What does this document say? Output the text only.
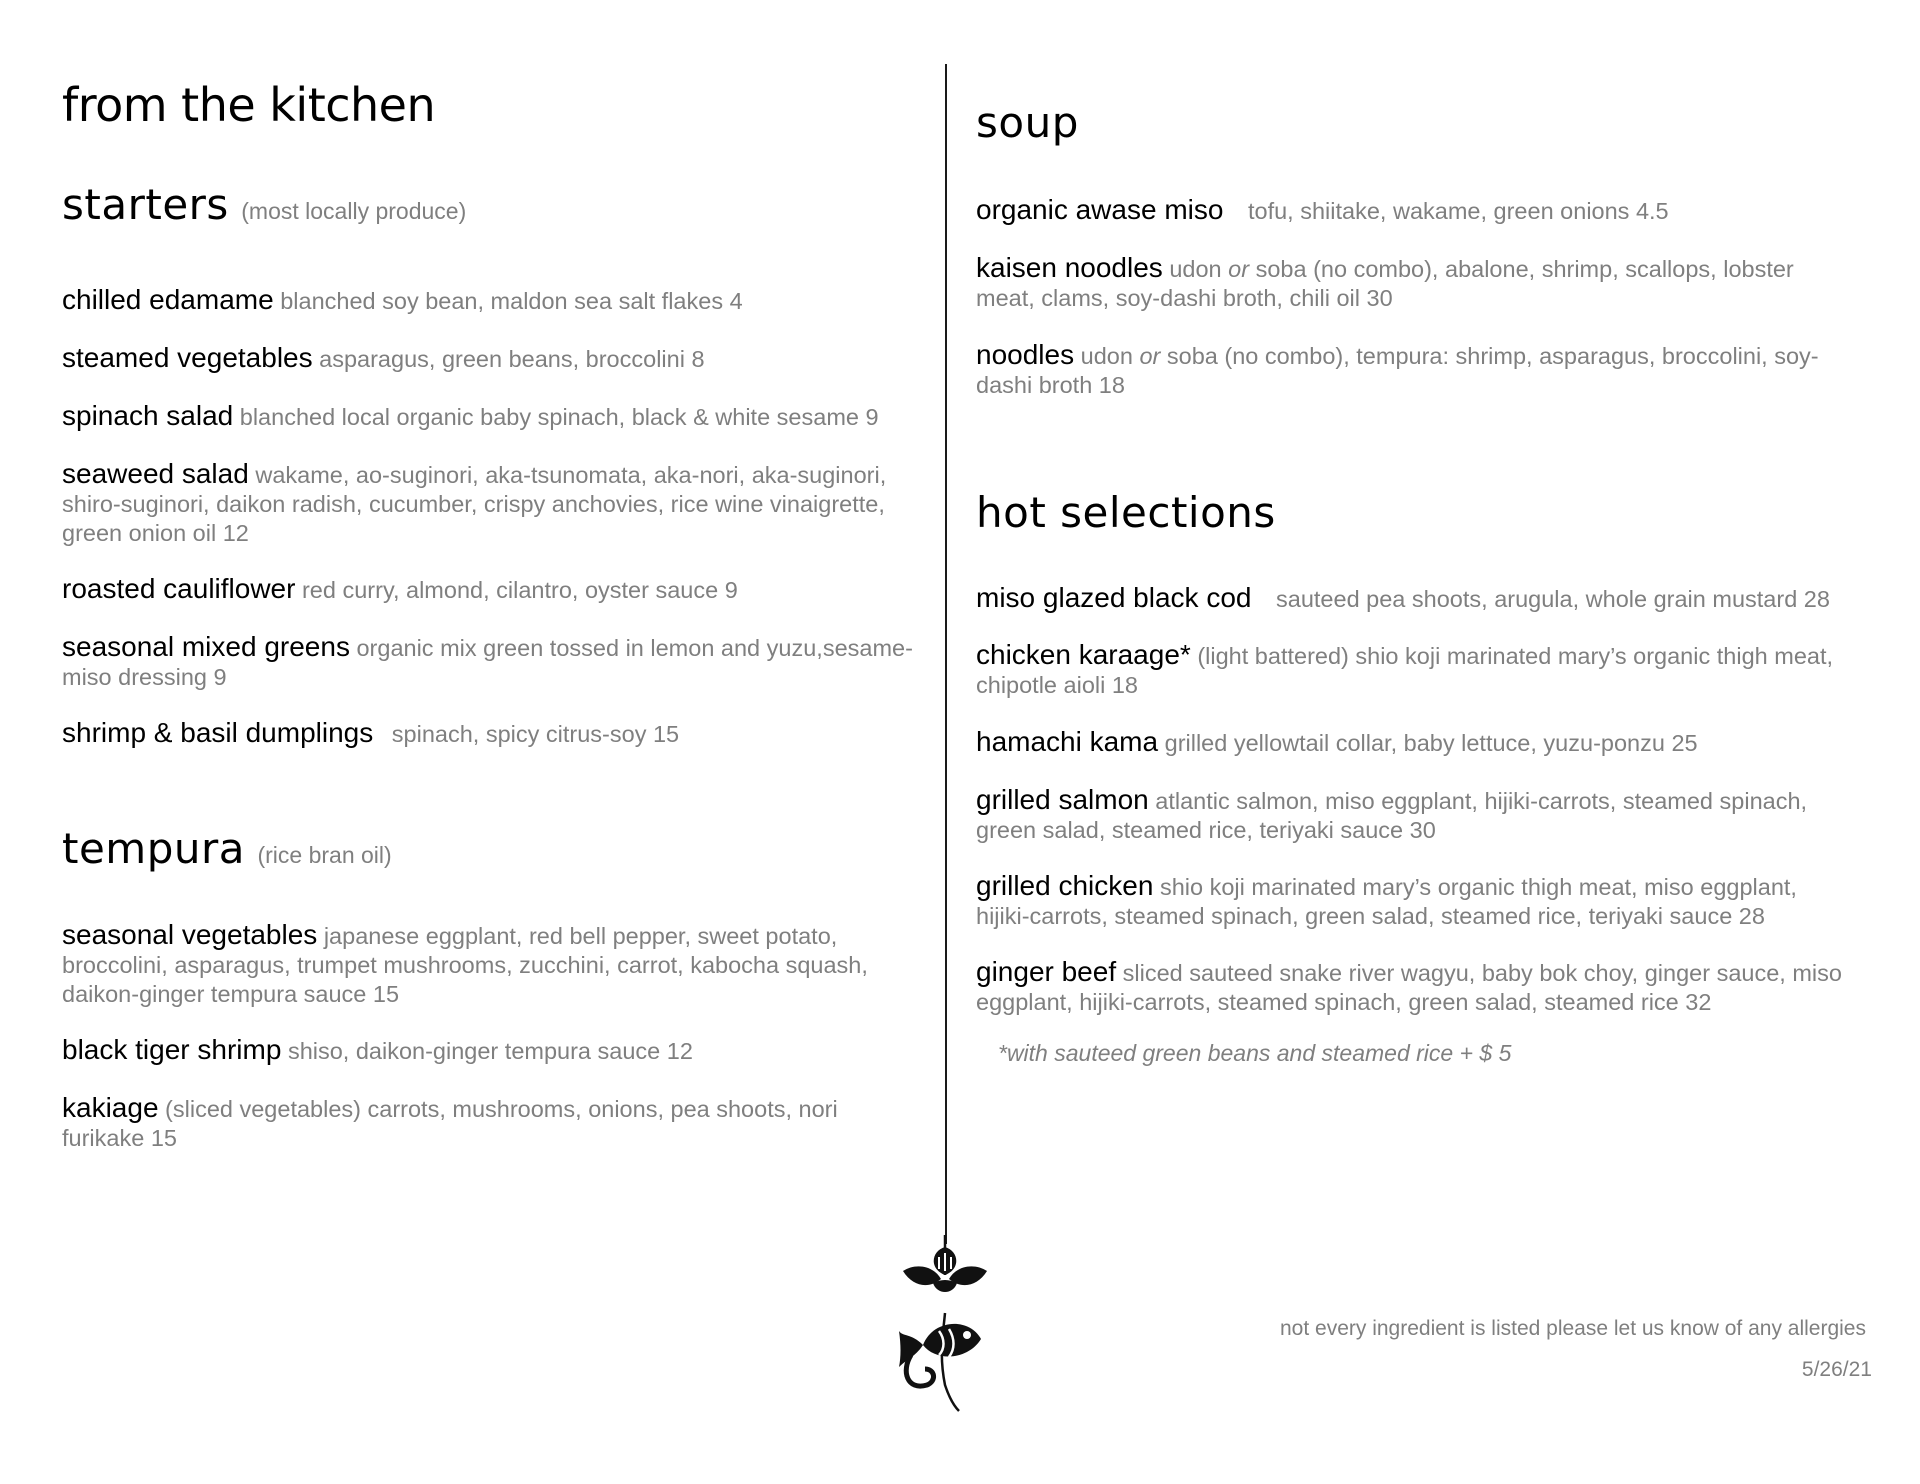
from the kitchen
starters (most locally produce)
chilled edamame blanched soy bean, maldon sea salt flakes 4
steamed vegetables asparagus, green beans, broccolini 8
spinach salad blanched local organic baby spinach, black & white sesame 9
seaweed salad wakame, ao-suginori, aka-tsunomata, aka-nori, aka-suginori, shiro-suginori, daikon radish, cucumber, crispy anchovies, rice wine vinaigrette, green onion oil 12
roasted cauliflower red curry, almond, cilantro, oyster sauce 9
seasonal mixed greens organic mix green tossed in lemon and yuzu,sesame-miso dressing 9
shrimp & basil dumplings spinach, spicy citrus-soy 15
tempura (rice bran oil)
seasonal vegetables japanese eggplant, red bell pepper, sweet potato, broccolini, asparagus, trumpet mushrooms, zucchini, carrot, kabocha squash, daikon-ginger tempura sauce 15
black tiger shrimp shiso, daikon-ginger tempura sauce 12
kakiage (sliced vegetables) carrots, mushrooms, onions, pea shoots, nori furikake 15
soup
organic awase miso tofu, shiitake, wakame, green onions 4.5
kaisen noodles udon or soba (no combo), abalone, shrimp, scallops, lobster meat, clams, soy-dashi broth, chili oil 30
noodles udon or soba (no combo), tempura: shrimp, asparagus, broccolini, soy-dashi broth 18
hot selections
miso glazed black cod sauteed pea shoots, arugula, whole grain mustard 28
chicken karaage* (light battered) shio koji marinated mary’s organic thigh meat, chipotle aioli 18
hamachi kama grilled yellowtail collar, baby lettuce, yuzu-ponzu 25
grilled salmon atlantic salmon, miso eggplant, hijiki-carrots, steamed spinach, green salad, steamed rice, teriyaki sauce 30
grilled chicken shio koji marinated mary’s organic thigh meat, miso eggplant, hijiki-carrots, steamed spinach, green salad, steamed rice, teriyaki sauce 28
ginger beef sliced sauteed snake river wagyu, baby bok choy, ginger sauce, miso eggplant, hijiki-carrots, steamed spinach, green salad, steamed rice 32
*with sauteed green beans and steamed rice + $ 5
not every ingredient is listed please let us know of any allergies
5/26/21
